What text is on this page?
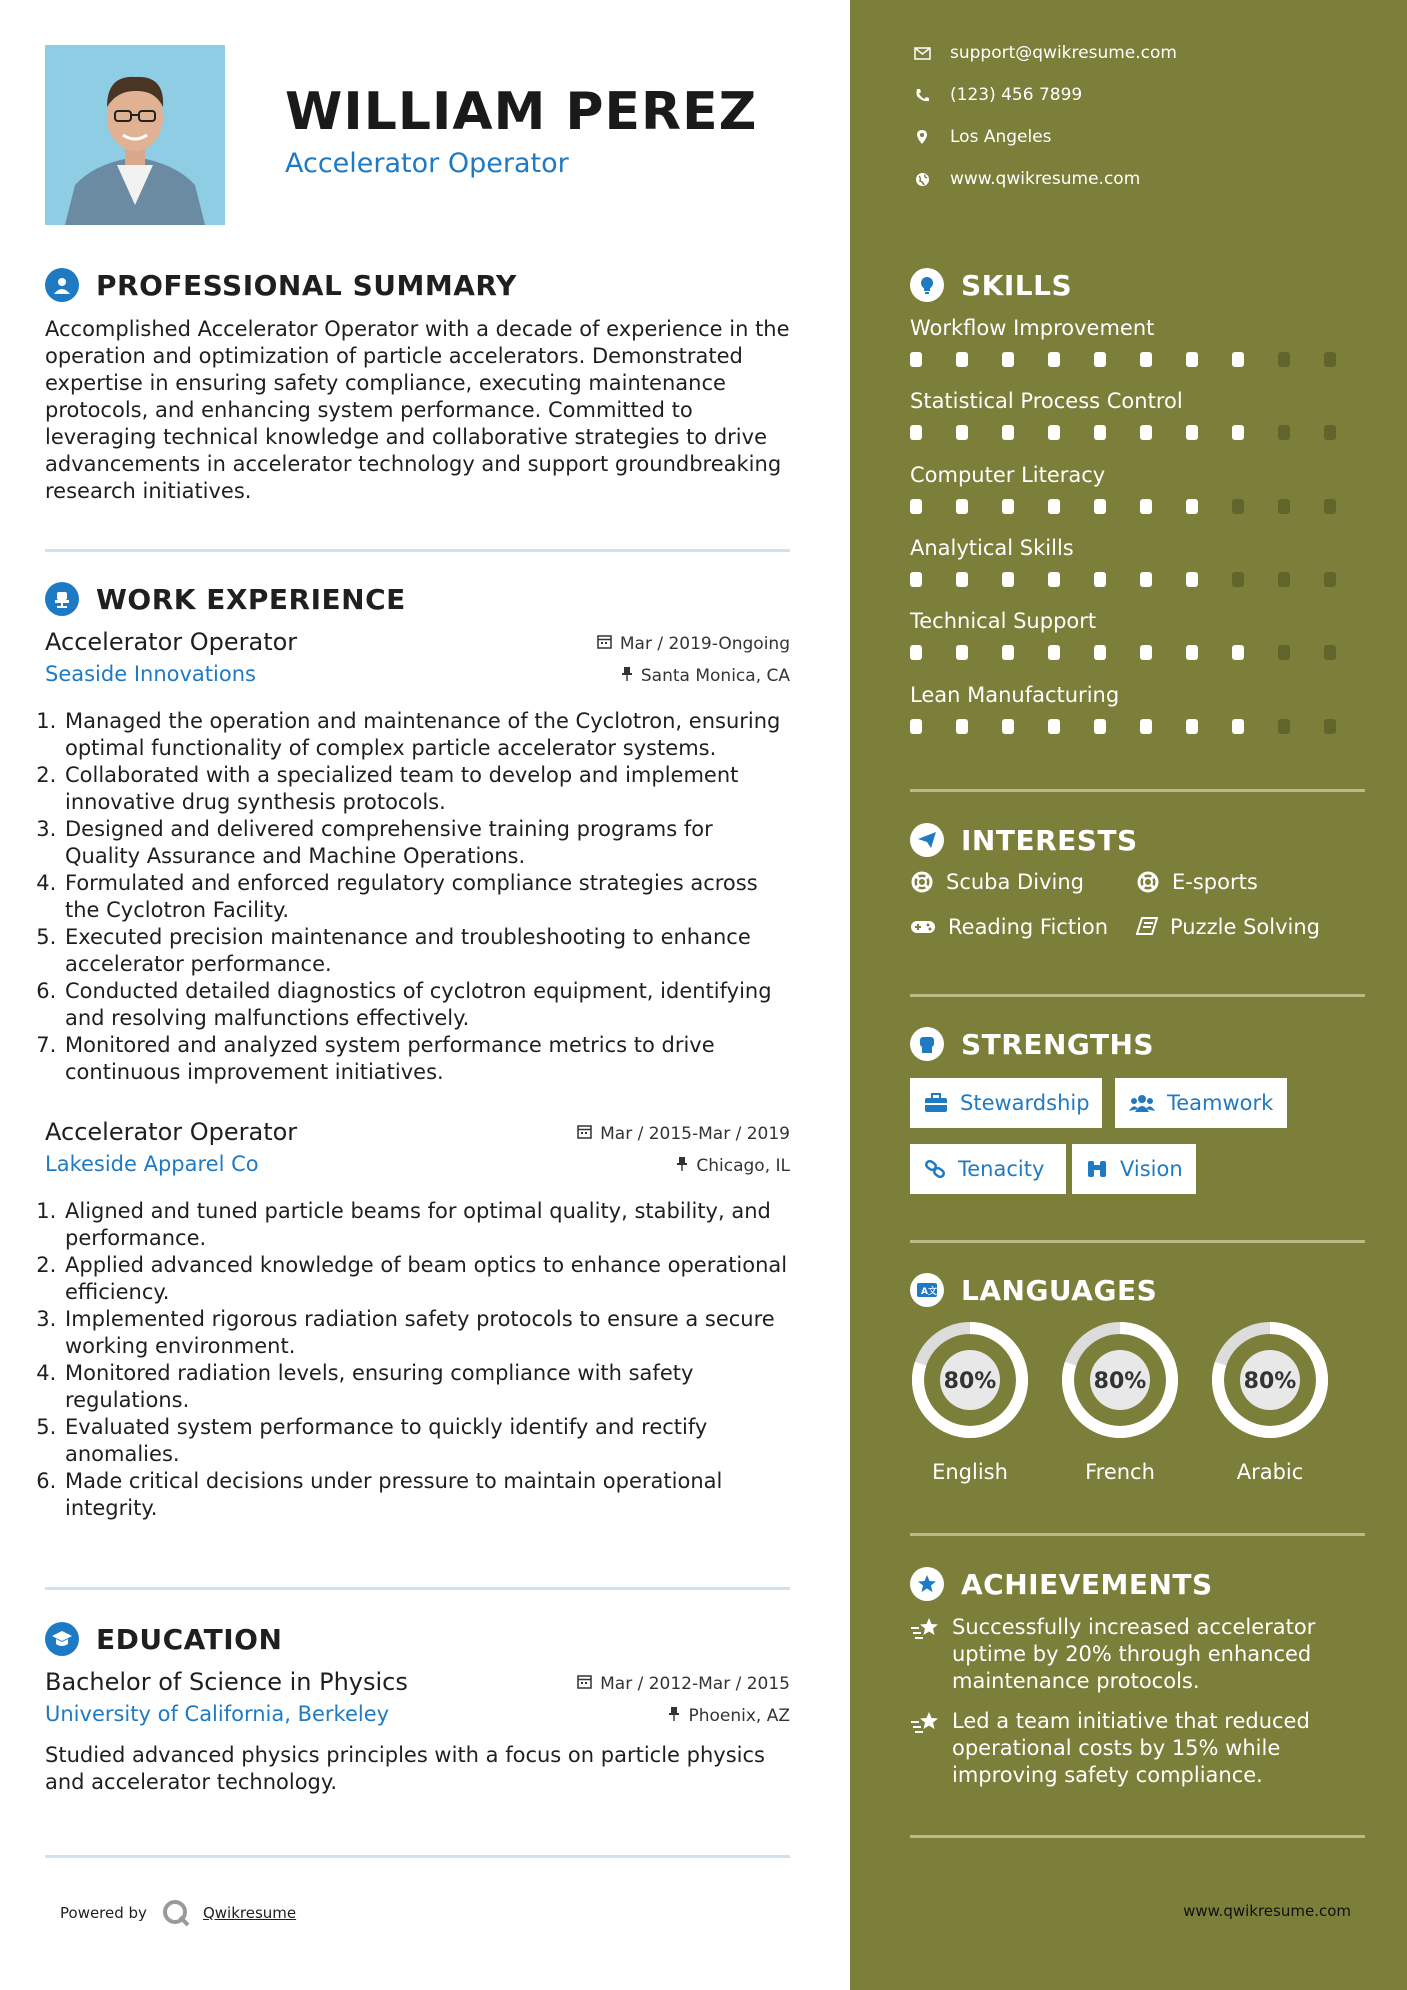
WILLIAM PEREZ
Accelerator Operator
PROFESSIONAL SUMMARY
Accomplished Accelerator Operator with a decade of experience in the operation and optimization of particle accelerators. Demonstrated expertise in ensuring safety compliance, executing maintenance protocols, and enhancing system performance. Committed to leveraging technical knowledge and collaborative strategies to drive advancements in accelerator technology and support groundbreaking research initiatives.
WORK EXPERIENCE
Accelerator Operator	Mar / 2019-Ongoing
Seaside Innovations	Santa Monica, CA
1. Managed the operation and maintenance of the Cyclotron, ensuring optimal functionality of complex particle accelerator systems.
2. Collaborated with a specialized team to develop and implement innovative drug synthesis protocols.
3. Designed and delivered comprehensive training programs for Quality Assurance and Machine Operations.
4. Formulated and enforced regulatory compliance strategies across the Cyclotron Facility.
5. Executed precision maintenance and troubleshooting to enhance accelerator performance.
6. Conducted detailed diagnostics of cyclotron equipment, identifying and resolving malfunctions effectively.
7. Monitored and analyzed system performance metrics to drive continuous improvement initiatives.
Accelerator Operator	Mar / 2015-Mar / 2019
Lakeside Apparel Co	Chicago, IL
1. Aligned and tuned particle beams for optimal quality, stability, and performance.
2. Applied advanced knowledge of beam optics to enhance operational efficiency.
3. Implemented rigorous radiation safety protocols to ensure a secure working environment.
4. Monitored radiation levels, ensuring compliance with safety regulations.
5. Evaluated system performance to quickly identify and rectify anomalies.
6. Made critical decisions under pressure to maintain operational integrity.
EDUCATION
Bachelor of Science in Physics	Mar / 2012-Mar / 2015
University of California, Berkeley	Phoenix, AZ
Studied advanced physics principles with a focus on particle physics and accelerator technology.
Powered by	Qwikresume
support@qwikresume.com
(123) 456 7899
Los Angeles
www.qwikresume.com
SKILLS
Workflow Improvement
Statistical Process Control
Computer Literacy
Analytical Skills
Technical Support
Lean Manufacturing
INTERESTS
Scuba Diving	E-sports
Reading Fiction	Puzzle Solving
STRENGTHS
Stewardship	Teamwork
Tenacity	Vision
A 文 LANGUAGES
80%
English
80%
French
80%
Arabic
ACHIEVEMENTS
Successfully increased accelerator uptime by 20% through enhanced maintenance protocols.
Led a team initiative that reduced operational costs by 15% while improving safety compliance.
www.qwikresume.com
